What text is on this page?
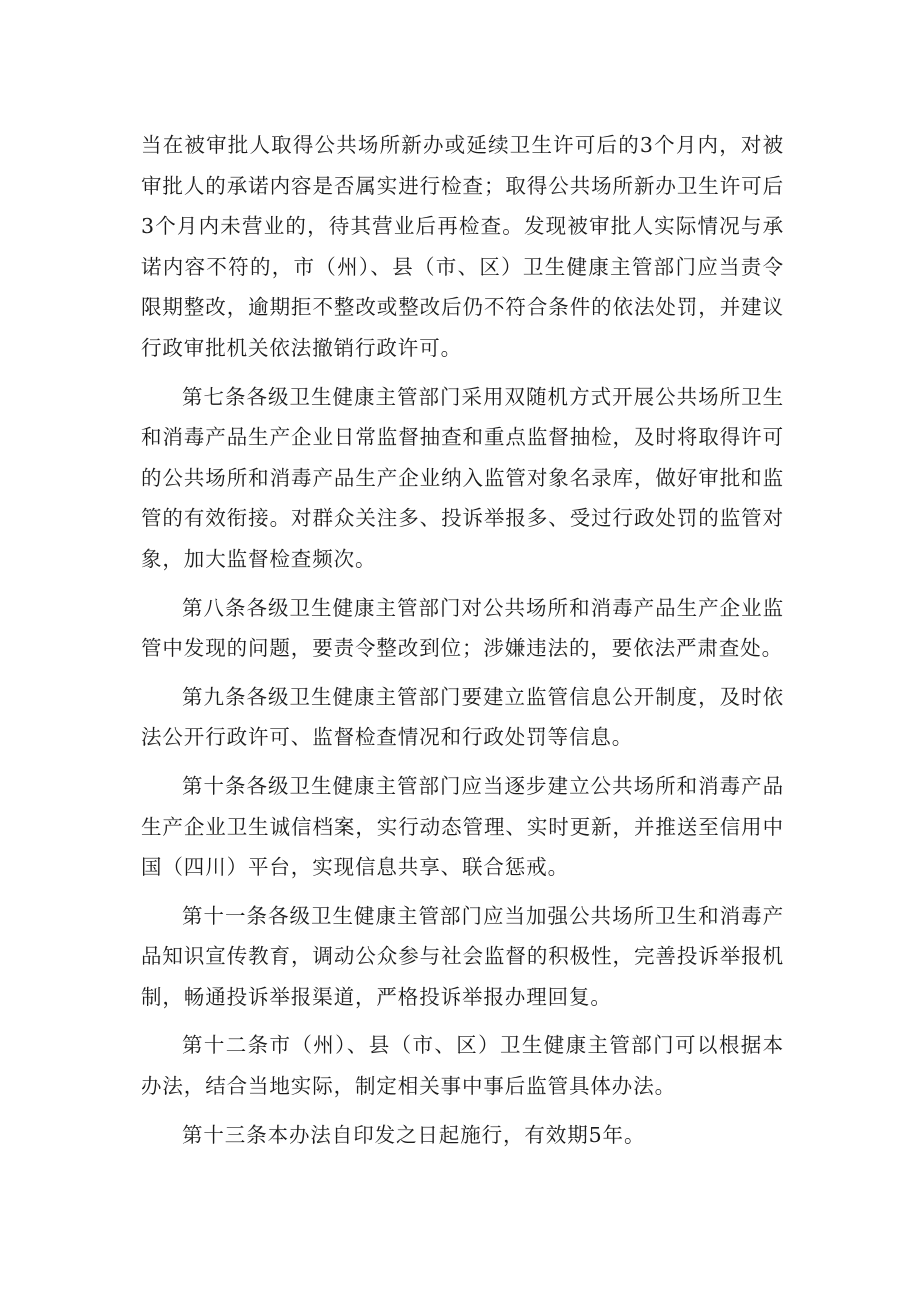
当在被审批人取得公共场所新办或延续卫生许可后的3个月内，对被审批人的承诺内容是否属实进行检查；取得公共场所新办卫生许可后3个月内未营业的，待其营业后再检查。发现被审批人实际情况与承诺内容不符的，市（州）、县（市、区）卫生健康主管部门应当责令限期整改，逾期拒不整改或整改后仍不符合条件的依法处罚，并建议行政审批机关依法撤销行政许可。

第七条各级卫生健康主管部门采用双随机方式开展公共场所卫生和消毒产品生产企业日常监督抽查和重点监督抽检，及时将取得许可的公共场所和消毒产品生产企业纳入监管对象名录库，做好审批和监管的有效衔接。对群众关注多、投诉举报多、受过行政处罚的监管对象，加大监督检查频次。

第八条各级卫生健康主管部门对公共场所和消毒产品生产企业监管中发现的问题，要责令整改到位；涉嫌违法的，要依法严肃查处。

第九条各级卫生健康主管部门要建立监管信息公开制度，及时依法公开行政许可、监督检查情况和行政处罚等信息。

第十条各级卫生健康主管部门应当逐步建立公共场所和消毒产品生产企业卫生诚信档案，实行动态管理、实时更新，并推送至信用中国（四川）平台，实现信息共享、联合惩戒。

第十一条各级卫生健康主管部门应当加强公共场所卫生和消毒产品知识宣传教育，调动公众参与社会监督的积极性，完善投诉举报机制，畅通投诉举报渠道，严格投诉举报办理回复。

第十二条市（州）、县（市、区）卫生健康主管部门可以根据本办法，结合当地实际，制定相关事中事后监管具体办法。

第十三条本办法自印发之日起施行，有效期5年。
